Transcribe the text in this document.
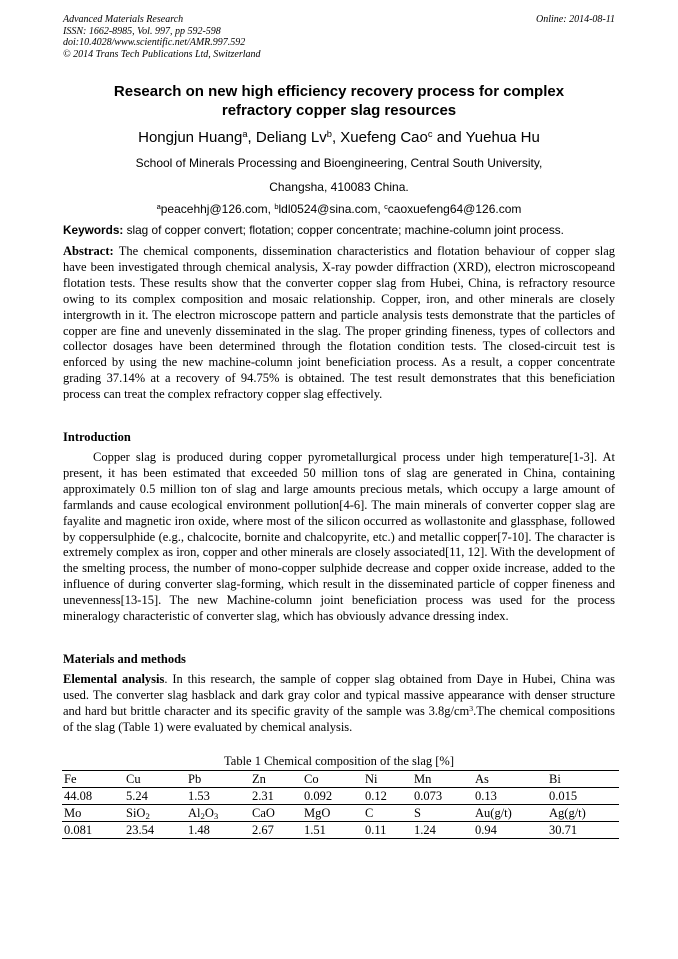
Advanced Materials Research
ISSN: 1662-8985, Vol. 997, pp 592-598
doi:10.4028/www.scientific.net/AMR.997.592
© 2014 Trans Tech Publications Ltd, Switzerland
Online: 2014-08-11
Research on new high efficiency recovery process for complex
refractory copper slag resources
Hongjun Huang$^a$, Deliang Lv$^b$, Xuefeng Cao$^c$ and Yuehua Hu
School of Minerals Processing and Bioengineering, Central South University,
Changsha, 410083 China.
$^a$peacehhj@126.com, $^b$ldl0524@sina.com, $^c$caoxuefeng64@126.com
Keywords: slag of copper convert; flotation; copper concentrate; machine-column joint process.
Abstract: The chemical components, dissemination characteristics and flotation behaviour of copper slag have been investigated through chemical analysis, X-ray powder diffraction (XRD), electron microscopeand flotation tests. These results show that the converter copper slag from Hubei, China, is refractory resource owing to its complex composition and mosaic relationship. Copper, iron, and other minerals are closely intergrowth in it. The electron microscope pattern and particle analysis tests demonstrate that the particles of copper are fine and unevenly disseminated in the slag. The proper grinding fineness, types of collectors and collector dosages have been determined through the flotation condition tests. The closed-circuit test is enforced by using the new machine-column joint beneficiation process. As a result, a copper concentrate grading 37.14% at a recovery of 94.75% is obtained. The test result demonstrates that this beneficiation process can treat the complex refractory copper slag effectively.
Introduction
Copper slag is produced during copper pyrometallurgical process under high temperature[1-3]. At present, it has been estimated that exceeded 50 million tons of slag are generated in China, containing approximately 0.5 million ton of slag and large amounts precious metals, which occupy a large amount of farmlands and cause ecological environment pollution[4-6]. The main minerals of converter copper slag are fayalite and magnetic iron oxide, where most of the silicon occurred as wollastonite and glassphase, followed by coppersulphide (e.g., chalcocite, bornite and chalcopyrite, etc.) and metallic copper[7-10]. The character is extremely complex as iron, copper and other minerals are closely associated[11, 12]. With the development of the smelting process, the number of mono-copper sulphide decrease and copper oxide increase, added to the influence of during converter slag-forming, which result in the disseminated particle of copper fineness and unevenness[13-15]. The new Machine-column joint beneficiation process was used for the process mineralogy characteristic of converter slag, which has obviously advance dressing index.
Materials and methods
Elemental analysis. In this research, the sample of copper slag obtained from Daye in Hubei, China was used. The converter slag hasblack and dark gray color and typical massive appearance with denser structure and hard but brittle character and its specific gravity of the sample was $3.8g/cm^3.The$ chemical compositions of the slag (Table 1) were evaluated by chemical analysis.
Table 1 Chemical composition of the slag [%]
Fe	Cu	Pb	Zn	Co	Ni	Mn	As	Bi
44.08	5.24	1.53	2.31	0.092	0.12	0.073	0.13	0.015
Mo	SiO$_2$	$Al_2O_3$	CaO	MgO	C	S	Au(g/t)	Ag(g/t)
0.081	23.54	1.48	2.67	1.51	0.11	1.24	0.94	30.71
